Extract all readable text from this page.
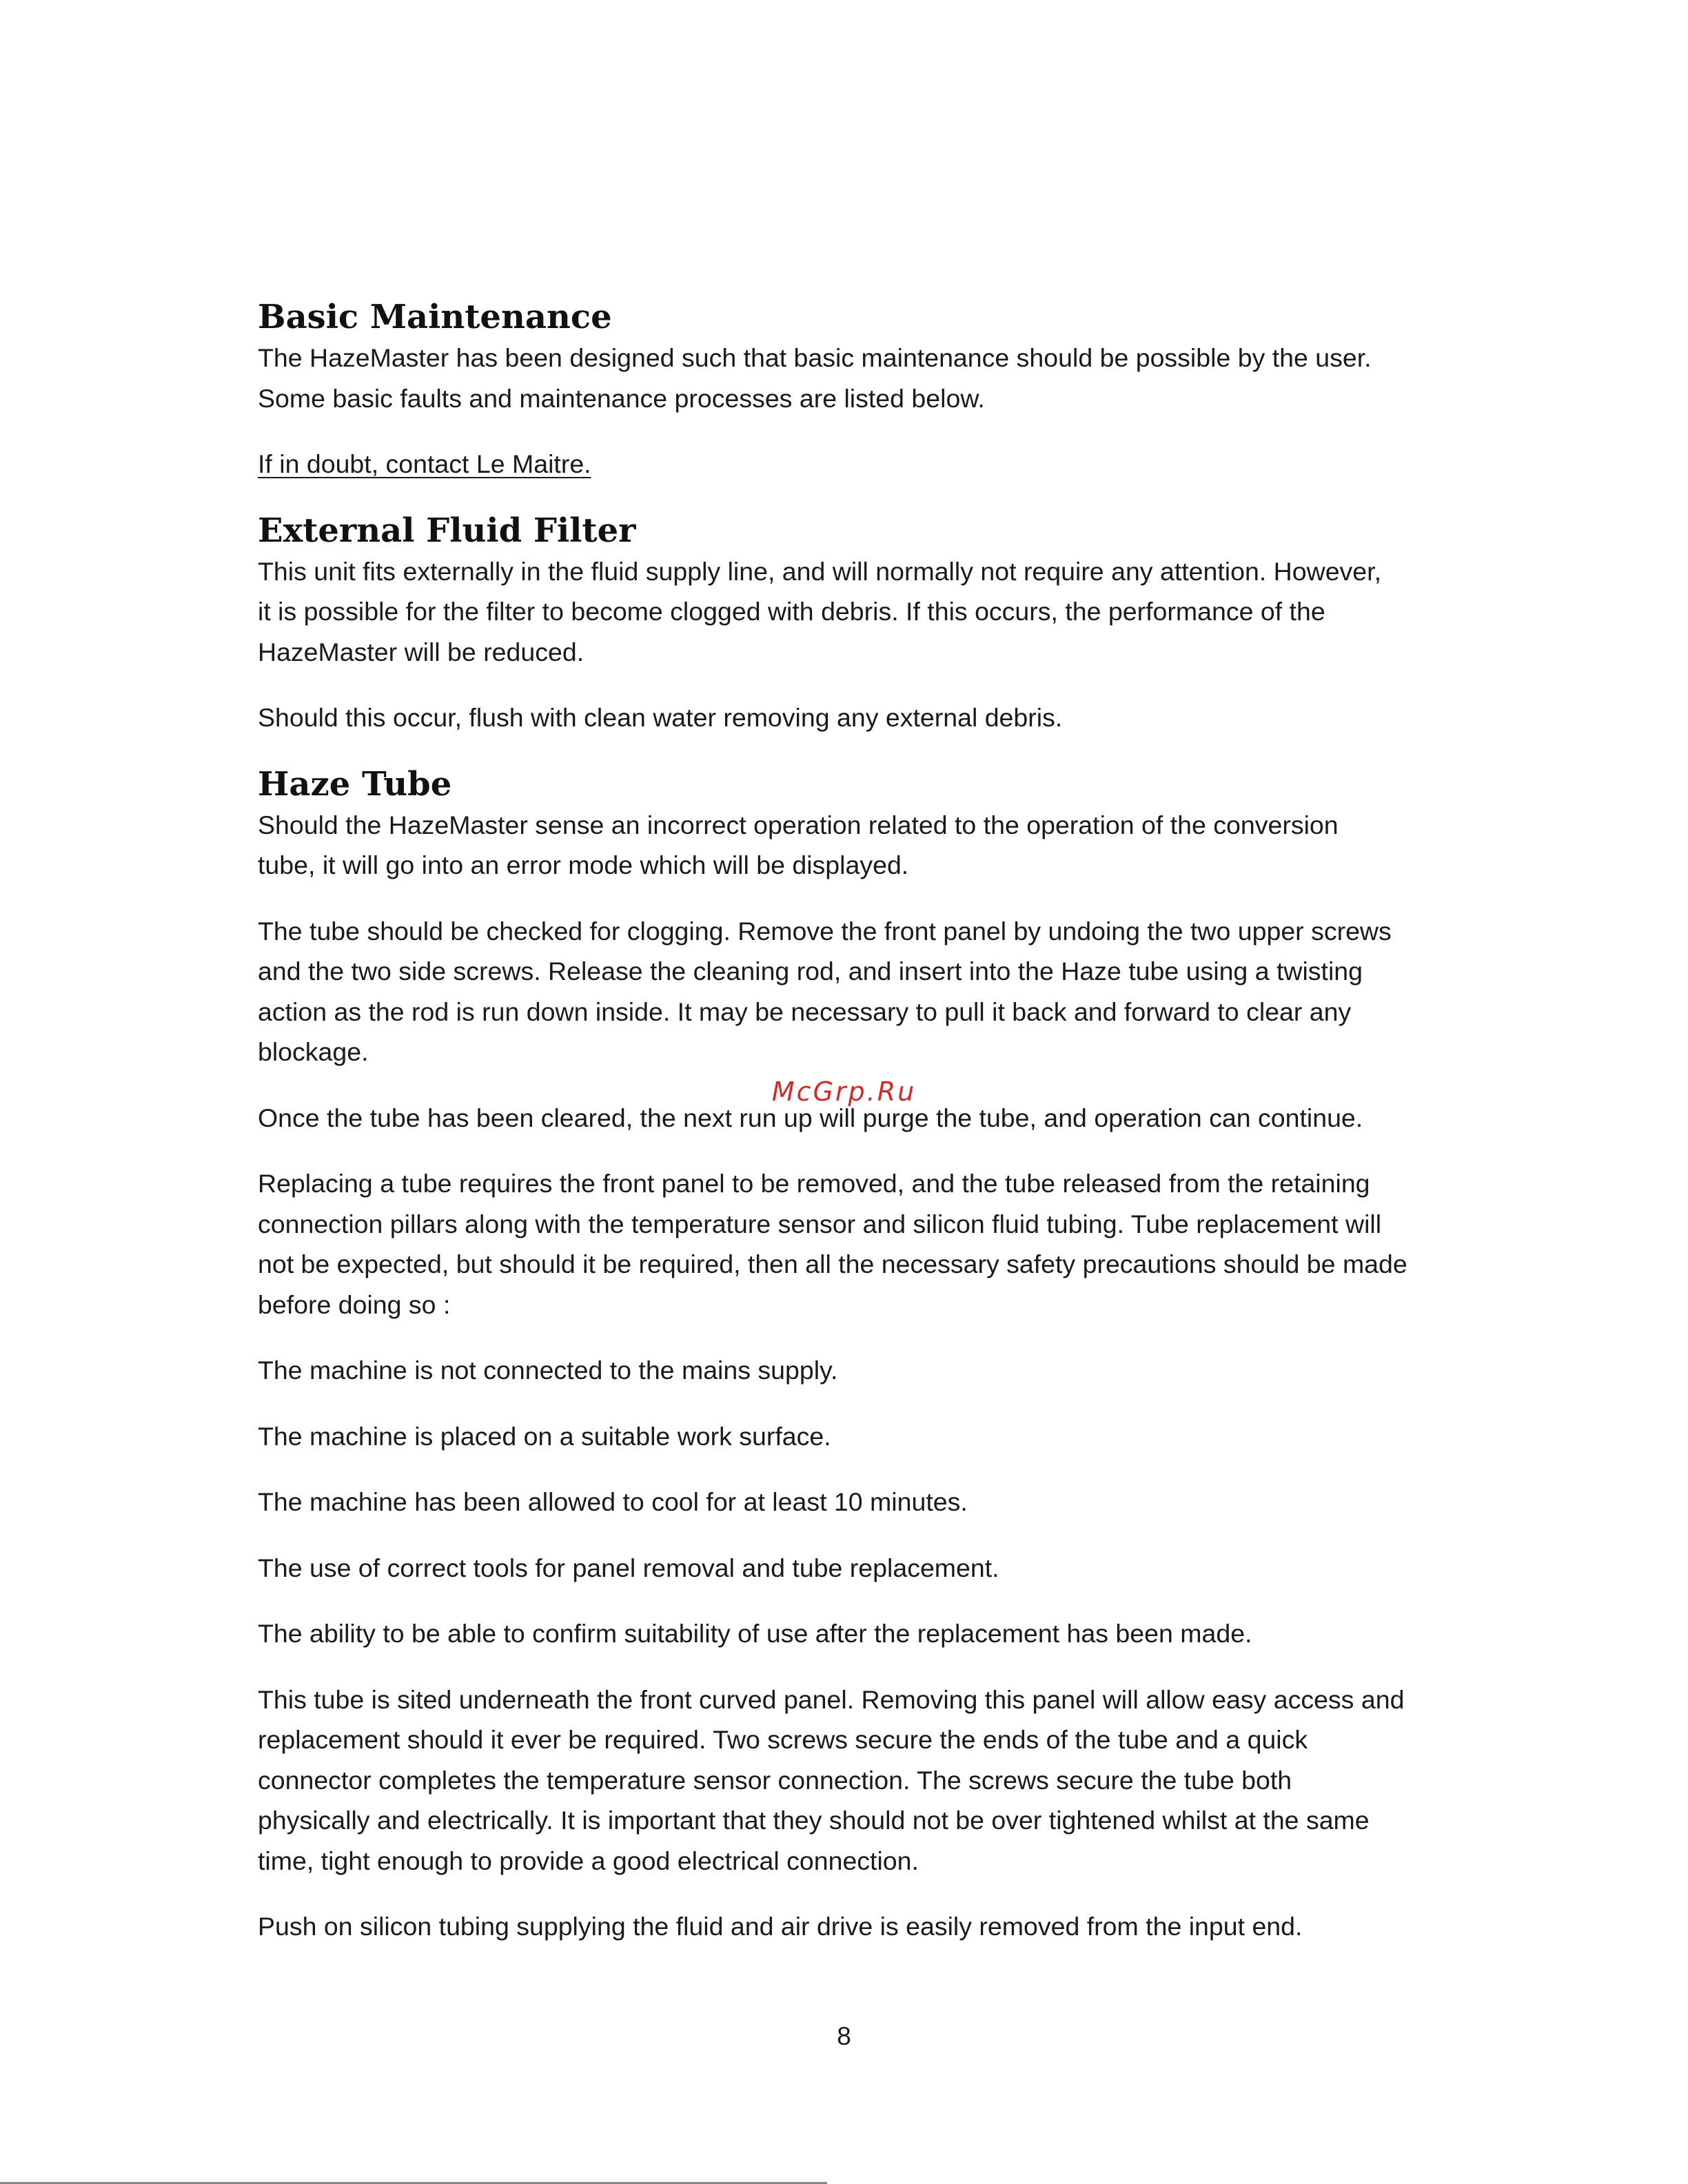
Basic Maintenance

The HazeMaster has been designed such that basic maintenance should be possible by the user.
Some basic faults and maintenance processes are listed below.

If in doubt, contact Le Maitre.

External Fluid Filter

This unit fits externally in the fluid supply line, and will normally not require any attention. However,
it is possible for the filter to become clogged with debris. If this occurs, the performance of the
HazeMaster will be reduced.

Should this occur, flush with clean water removing any external debris.

Haze Tube

Should the HazeMaster sense an incorrect operation related to the operation of the conversion
tube, it will go into an error mode which will be displayed.

The tube should be checked for clogging. Remove the front panel by undoing the two upper screws
and the two side screws. Release the cleaning rod, and insert into the Haze tube using a twisting
action as the rod is run down inside. It may be necessary to pull it back and forward to clear any
blockage.

Once the tube has been cleared, the next run up will purge the tube, and operation can continue.

Replacing a tube requires the front panel to be removed, and the tube released from the retaining
connection pillars along with the temperature sensor and silicon fluid tubing. Tube replacement will
not be expected, but should it be required, then all the necessary safety precautions should be made
before doing so :

The machine is not connected to the mains supply.

The machine is placed on a suitable work surface.

The machine has been allowed to cool for at least 10 minutes.

The use of correct tools for panel removal and tube replacement.

The ability to be able to confirm suitability of use after the replacement has been made.

This tube is sited underneath the front curved panel. Removing this panel will allow easy access and
replacement should it ever be required. Two screws secure the ends of the tube and a quick
connector completes the temperature sensor connection. The screws secure the tube both
physically and electrically. It is important that they should not be over tightened whilst at the same
time, tight enough to provide a good electrical connection.

Push on silicon tubing supplying the fluid and air drive is easily removed from the input end.

McGrp.Ru
8
